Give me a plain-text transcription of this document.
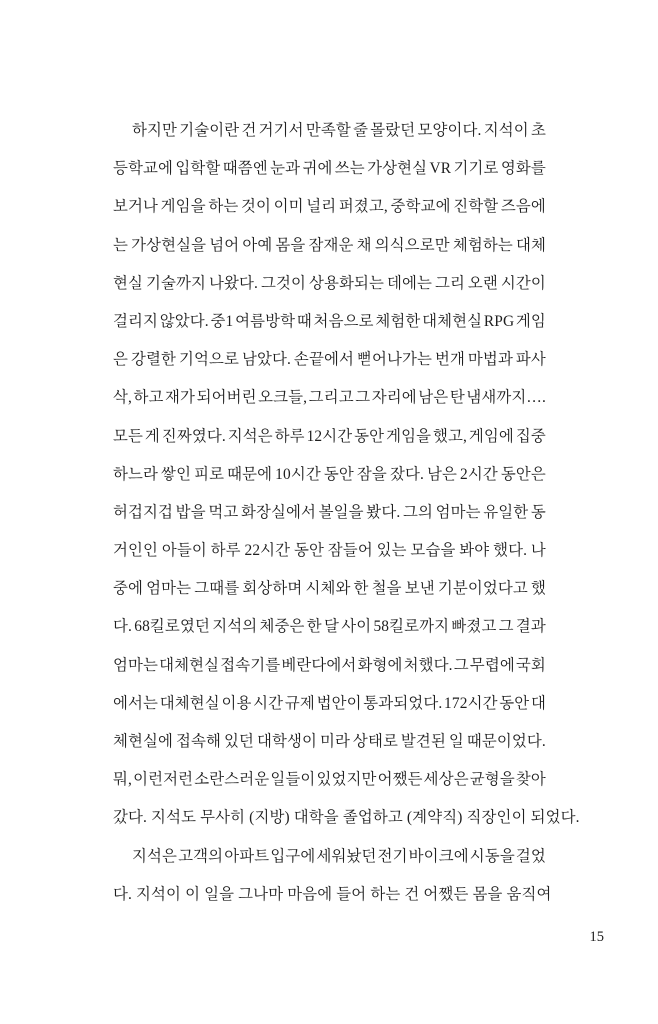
하지만 기술이란 건 거기서 만족할 줄 몰랐던 모양이다. 지석이 초
등학교에 입학할 때쯤엔 눈과 귀에 쓰는 가상현실 VR 기기로 영화를
보거나 게임을 하는 것이 이미 널리 퍼졌고, 중학교에 진학할 즈음에
는 가상현실을 넘어 아예 몸을 잠재운 채 의식으로만 체험하는 대체
현실 기술까지 나왔다. 그것이 상용화되는 데에는 그리 오랜 시간이
걸리지 않았다. 중1 여름방학 때 처음으로 체험한 대체현실 RPG 게임
은 강렬한 기억으로 남았다. 손끝에서 뻗어나가는 번개 마법과 파사
삭, 하고 재가 되어버린 오크들, 그리고 그 자리에 남은 탄 냄새까지….
모든 게 진짜였다. 지석은 하루 12시간 동안 게임을 했고, 게임에 집중
하느라 쌓인 피로 때문에 10시간 동안 잠을 잤다. 남은 2시간 동안은
허겁지겁 밥을 먹고 화장실에서 볼일을 봤다. 그의 엄마는 유일한 동
거인인 아들이 하루 22시간 동안 잠들어 있는 모습을 봐야 했다. 나
중에 엄마는 그때를 회상하며 시체와 한 철을 보낸 기분이었다고 했
다. 68킬로였던 지석의 체중은 한 달 사이 58킬로까지 빠졌고 그 결과
엄마는 대체현실 접속기를 베란다에서 화형에 처했다. 그 무렵에 국회
에서는 대체현실 이용 시간 규제 법안이 통과되었다. 172시간 동안 대
체현실에 접속해 있던 대학생이 미라 상태로 발견된 일 때문이었다.
뭐, 이런저런 소란스러운 일들이 있었지만 어쨌든 세상은 균형을 찾아
갔다.
지석도
무사히
(지방)
대학을
졸업하고
(계약직)
직장인이
되었다.
지석은 고객의 아파트 입구에 세워놨던 전기 바이크에 시동을 걸었
다.
지석이
이
일을
그나마
마음에
들어
하는
건
어쨌든
몸을
움직여
15
